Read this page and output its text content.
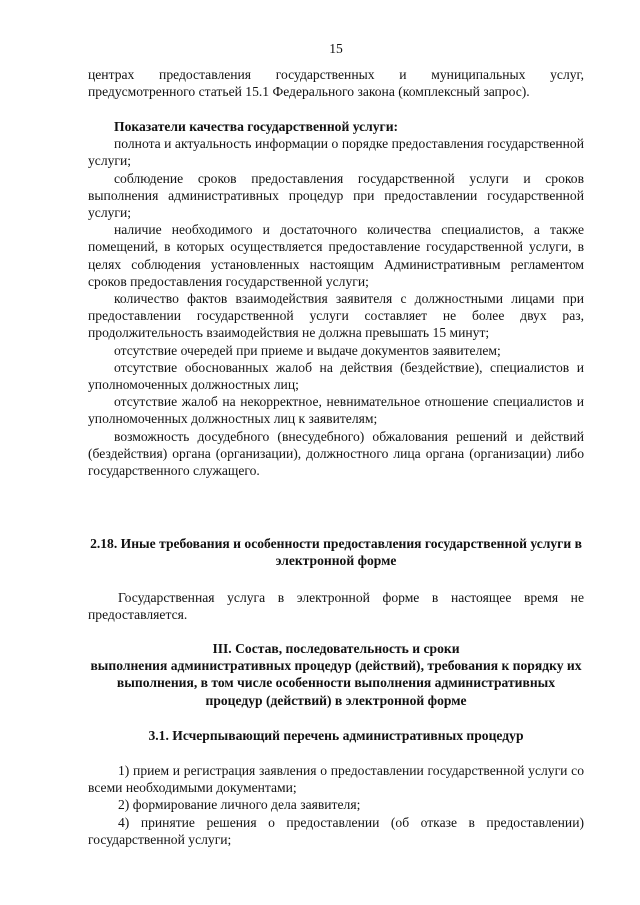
15

центрах предоставления государственных и муниципальных услуг, предусмотренного статьей 15.1 Федерального закона (комплексный запрос).

Показатели качества государственной услуги:

полнота и актуальность информации о порядке предоставления государственной услуги;

соблюдение сроков предоставления государственной услуги и сроков выполнения административных процедур при предоставлении государственной услуги;

наличие необходимого и достаточного количества специалистов, а также помещений, в которых осуществляется предоставление государственной услуги, в целях соблюдения установленных настоящим Административным регламентом сроков предоставления государственной услуги;

количество фактов взаимодействия заявителя с должностными лицами при предоставлении государственной услуги составляет не более двух раз, продолжительность взаимодействия не должна превышать 15 минут;

отсутствие очередей при приеме и выдаче документов заявителем;

отсутствие обоснованных жалоб на действия (бездействие), специалистов и уполномоченных должностных лиц;

отсутствие жалоб на некорректное, невнимательное отношение специалистов и уполномоченных должностных лиц к заявителям;

возможность досудебного (внесудебного) обжалования решений и действий (бездействия) органа (организации), должностного лица органа (организации) либо государственного служащего.

2.18. Иные требования и особенности предоставления государственной услуги в электронной форме

Государственная услуга в электронной форме в настоящее время не предоставляется.

III. Состав, последовательность и сроки

выполнения административных процедур (действий), требования к порядку их выполнения, в том числе особенности выполнения административных процедур (действий) в электронной форме

3.1. Исчерпывающий перечень административных процедур

1) прием и регистрация заявления о предоставлении государственной услуги со всеми необходимыми документами;

2) формирование личного дела заявителя;

4) принятие решения о предоставлении (об отказе в предоставлении) государственной услуги;
